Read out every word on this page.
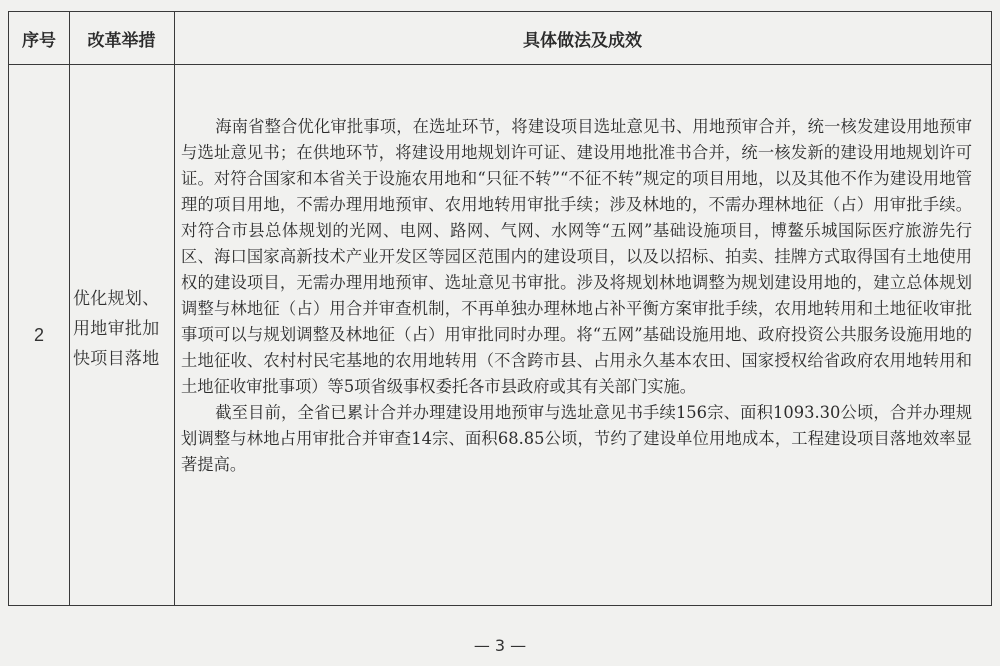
序号	改革举措	具体做法及成效
2
优化规划、用地审批加快项目落地

海南省整合优化审批事项，在选址环节，将建设项目选址意见书、用地预审合并，统一核发建设用地预审与选址意见书；在供地环节，将建设用地规划许可证、建设用地批准书合并，统一核发新的建设用地规划许可证。对符合国家和本省关于设施农用地和“只征不转”“不征不转”规定的项目用地，以及其他不作为建设用地管理的项目用地，不需办理用地预审、农用地转用审批手续；涉及林地的，不需办理林地征（占）用审批手续。对符合市县总体规划的光网、电网、路网、气网、水网等“五网”基础设施项目，博鳌乐城国际医疗旅游先行区、海口国家高新技术产业开发区等园区范围内的建设项目，以及以招标、拍卖、挂牌方式取得国有土地使用权的建设项目，无需办理用地预审、选址意见书审批。涉及将规划林地调整为规划建设用地的，建立总体规划调整与林地征（占）用合并审查机制，不再单独办理林地占补平衡方案审批手续，农用地转用和土地征收审批事项可以与规划调整及林地征（占）用审批同时办理。将“五网”基础设施用地、政府投资公共服务设施用地的土地征收、农村村民宅基地的农用地转用（不含跨市县、占用永久基本农田、国家授权给省政府农用地转用和土地征收审批事项）等5项省级事权委托各市县政府或其有关部门实施。

截至目前，全省已累计合并办理建设用地预审与选址意见书手续156宗、面积1093.30公顷，合并办理规划调整与林地占用审批合并审查14宗、面积68.85公顷，节约了建设单位用地成本，工程建设项目落地效率显著提高。

— 3 —
